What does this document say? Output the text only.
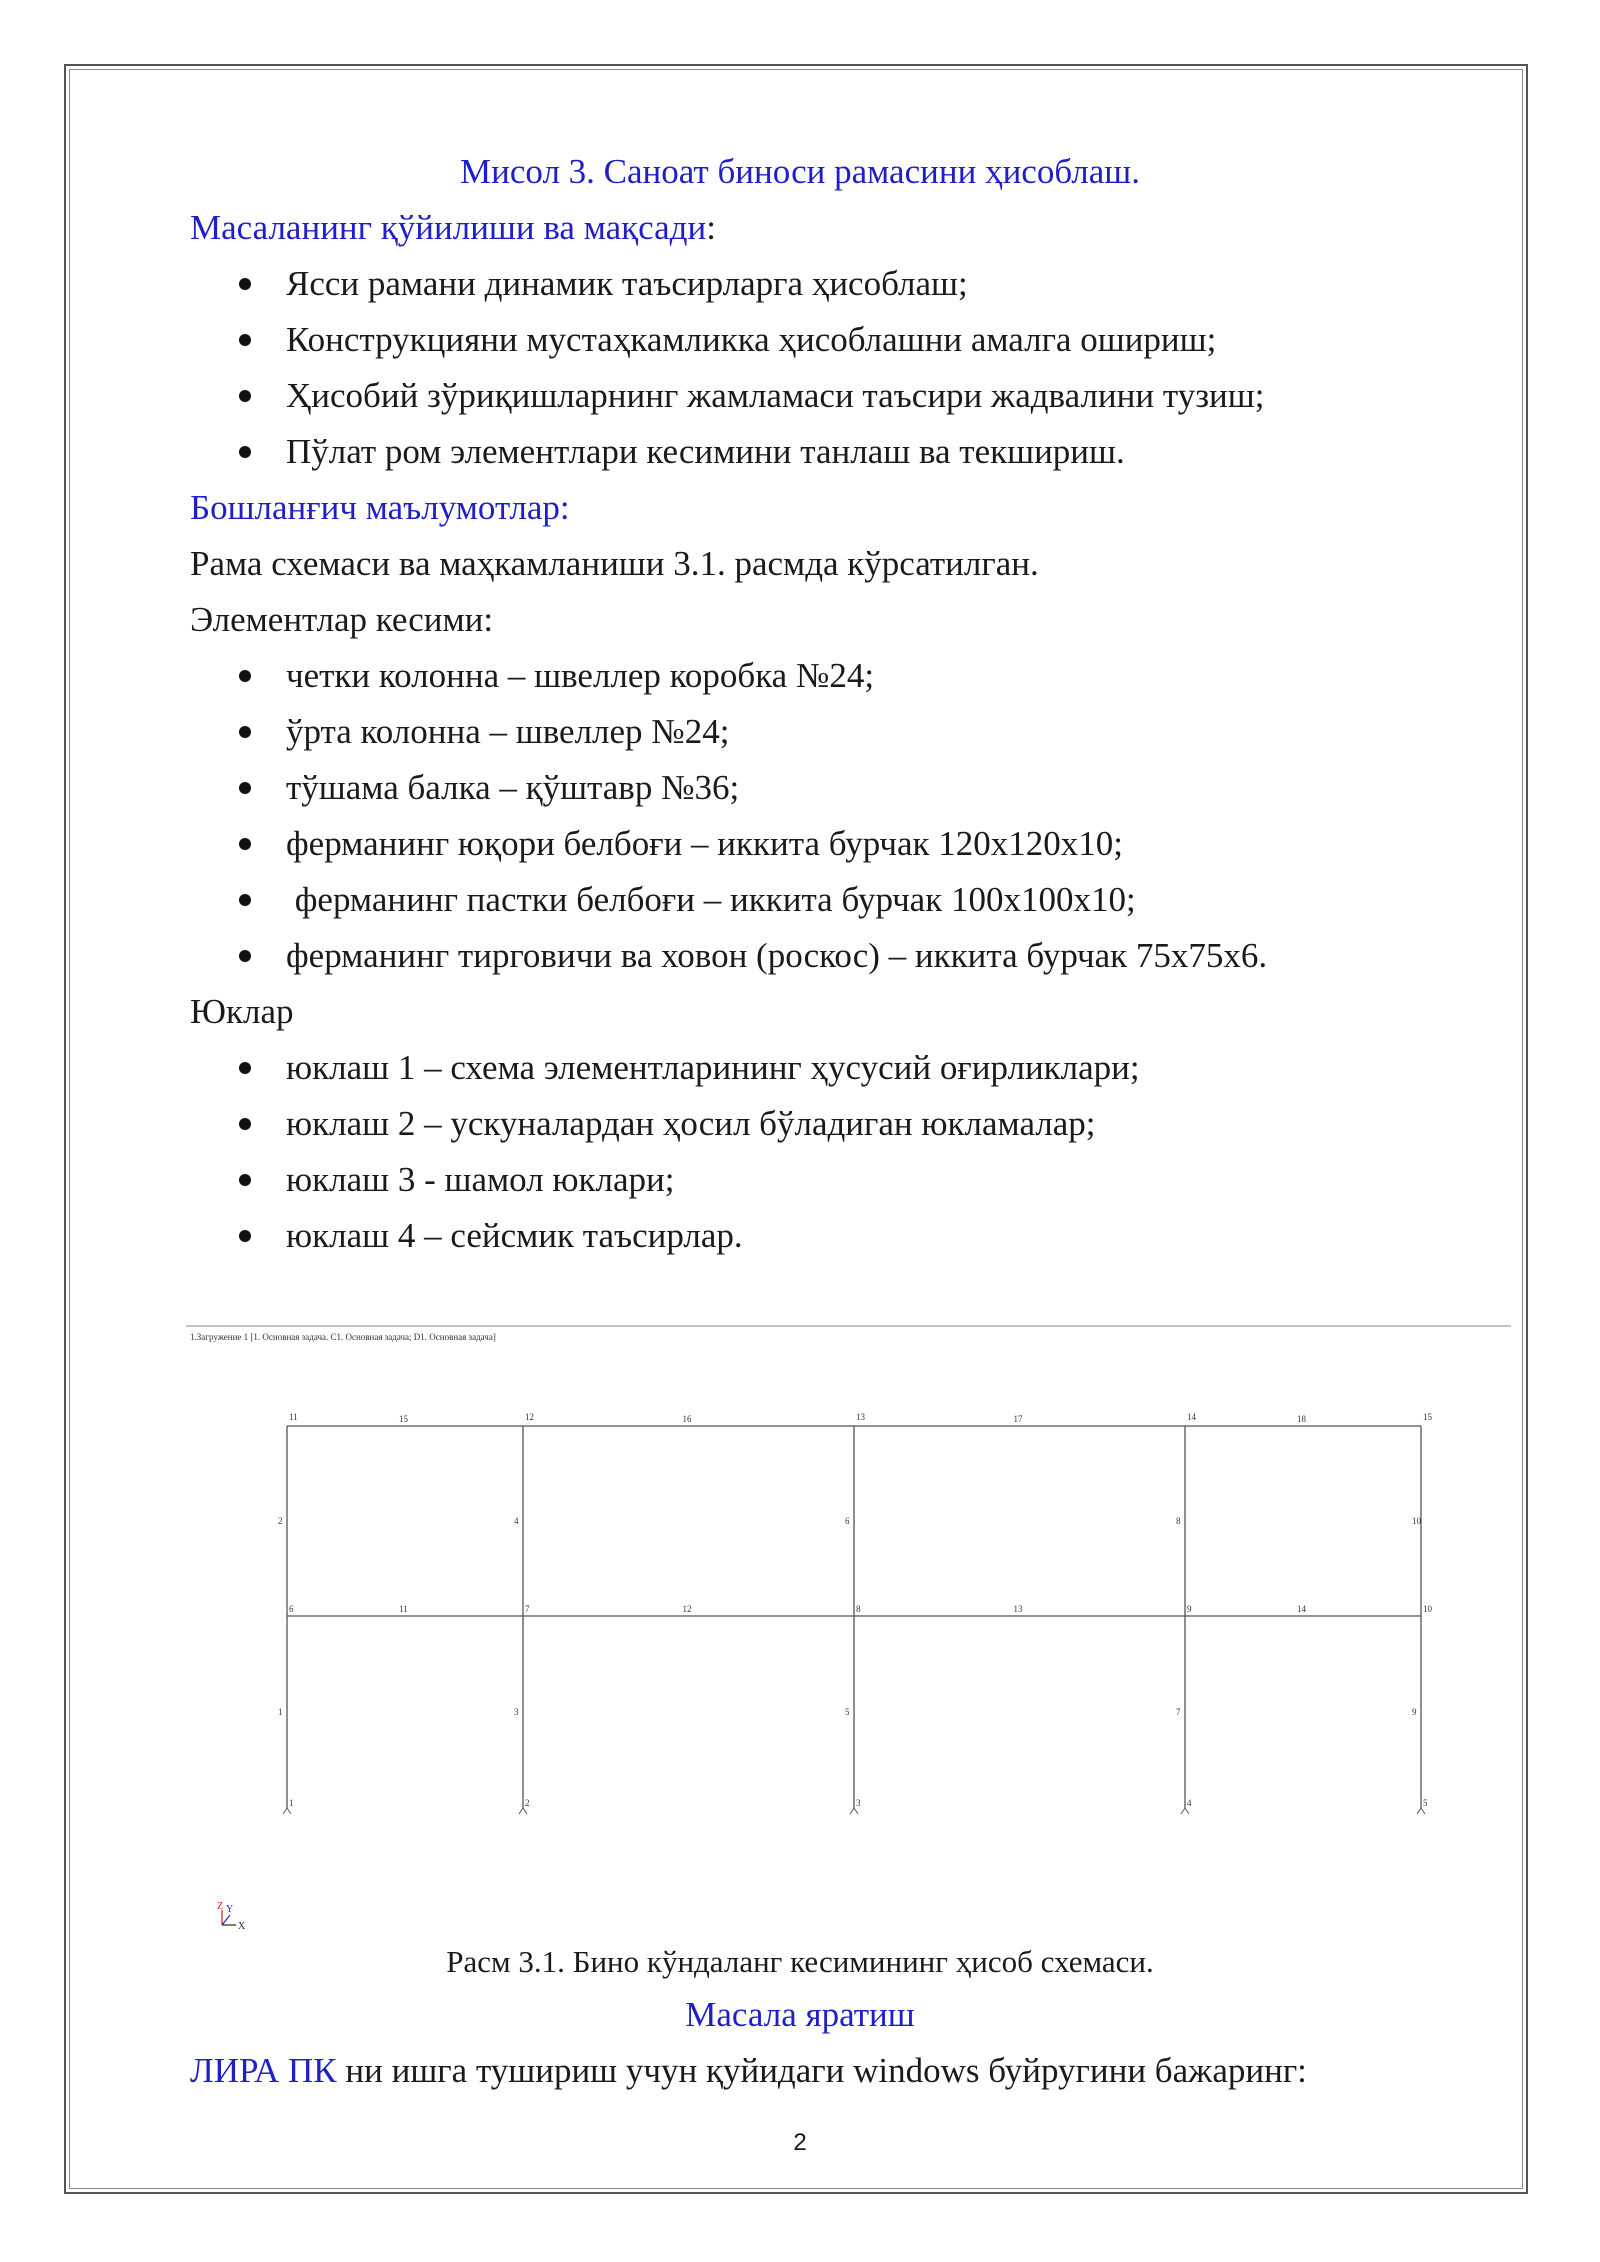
Мисол 3. Саноат биноси рамасини ҳисоблаш.
Масаланинг қўйилиши ва мақсади:
Ясси рамани динамик таъсирларга ҳисоблаш;
Конструкцияни мустаҳкамликка ҳисоблашни амалга ошириш;
Ҳисобий зўриқишларнинг жамламаси таъсири жадвалини тузиш;
Пўлат ром элементлари кесимини танлаш ва текшириш.
Бошланғич маълумотлар:
Рама схемаси ва маҳкамланиши 3.1. расмда кўрсатилган.
Элементлар кесими:
четки колонна – швеллер коробка №24;
ўрта колонна – швеллер №24;
тўшама балка – қўштавр №36;
ферманинг юқори белбоғи – иккита бурчак 120х120х10;
ферманинг пастки белбоғи – иккита бурчак 100х100х10;
ферманинг тирговичи ва ховон (роскос) – иккита бурчак 75х75х6.
Юклар
юклаш 1 – схема элементларининг ҳусусий оғирликлари;
юклаш 2 – ускуналардан ҳосил бўладиган юкламалар;
юклаш 3 - шамол юклари;
юклаш 4 – сейсмик таъсирлар.
1.Загружение 1 [1. Основная задача. C1. Основная задача; D1. Основная задача]
11
6
1
12
7
2
13
8
3
14
9
4
15
10
5
2
1
4
3
6
5
8
7
10
9
15
11
16
12
17
13
18
14
Z Y
X
Расм 3.1. Бино кўндаланг кесимининг ҳисоб схемаси.
Масала яратиш
ЛИРА ПК ни ишга тушириш учун қуйидаги windows буйругини бажаринг:
2
